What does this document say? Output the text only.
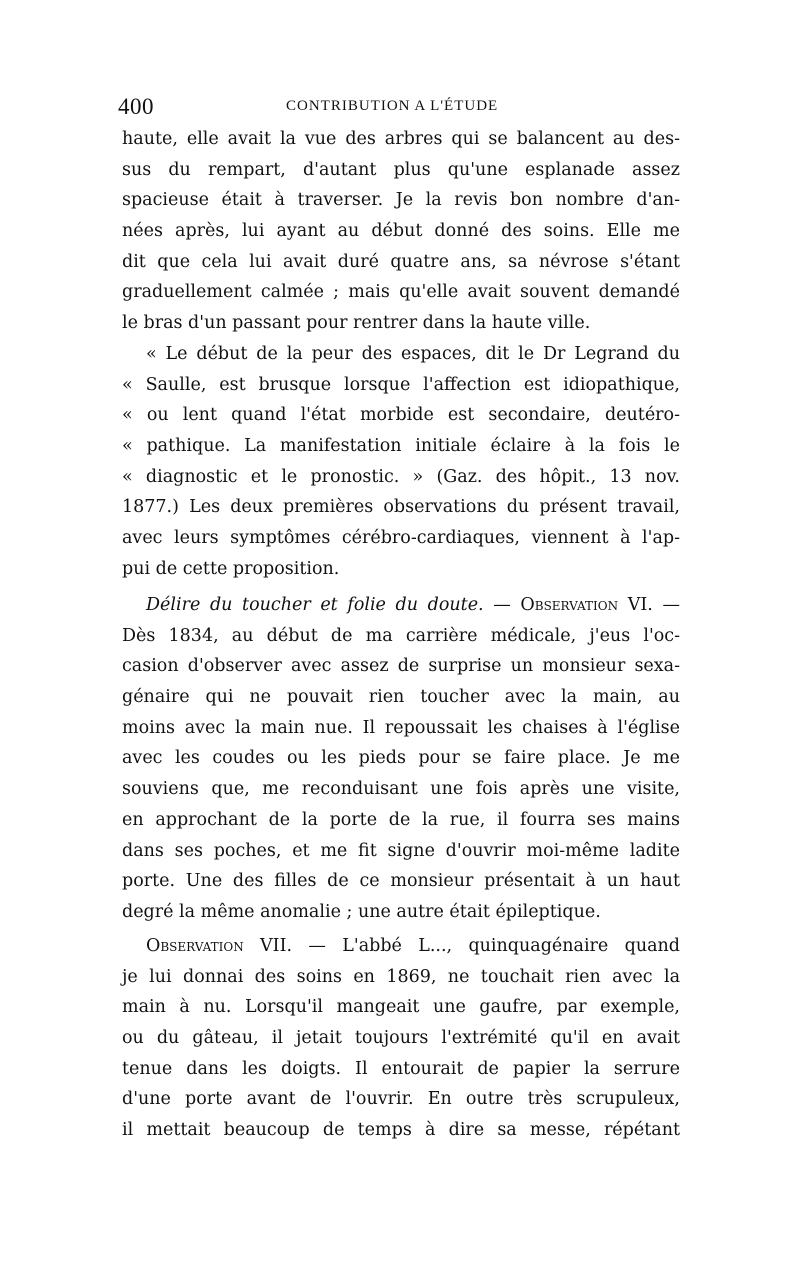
400	CONTRIBUTION A L'ÉTUDE
haute, elle avait la vue des arbres qui se balancent au des-
sus du rempart, d'autant plus qu'une esplanade assez
spacieuse était à traverser. Je la revis bon nombre d'an-
nées après, lui ayant au début donné des soins. Elle me
dit que cela lui avait duré quatre ans, sa névrose s'étant
graduellement calmée ; mais qu'elle avait souvent demandé
le bras d'un passant pour rentrer dans la haute ville.
« Le début de la peur des espaces, dit le Dr Legrand du
« Saulle, est brusque lorsque l'affection est idiopathique,
« ou lent quand l'état morbide est secondaire, deutéro-
« pathique. La manifestation initiale éclaire à la fois le
« diagnostic et le pronostic. » (Gaz. des hôpit., 13 nov.
1877.) Les deux premières observations du présent travail,
avec leurs symptômes cérébro-cardiaques, viennent à l'ap-
pui de cette proposition.
Délire du toucher et folie du doute. — Observation VI. —
Dès 1834, au début de ma carrière médicale, j'eus l'oc-
casion d'observer avec assez de surprise un monsieur sexa-
génaire qui ne pouvait rien toucher avec la main, au
moins avec la main nue. Il repoussait les chaises à l'église
avec les coudes ou les pieds pour se faire place. Je me
souviens que, me reconduisant une fois après une visite,
en approchant de la porte de la rue, il fourra ses mains
dans ses poches, et me fit signe d'ouvrir moi-même ladite
porte. Une des filles de ce monsieur présentait à un haut
degré la même anomalie ; une autre était épileptique.
Observation VII. — L'abbé L..., quinquagénaire quand
je lui donnai des soins en 1869, ne touchait rien avec la
main à nu. Lorsqu'il mangeait une gaufre, par exemple,
ou du gâteau, il jetait toujours l'extrémité qu'il en avait
tenue dans les doigts. Il entourait de papier la serrure
d'une porte avant de l'ouvrir. En outre très scrupuleux,
il mettait beaucoup de temps à dire sa messe, répétant
